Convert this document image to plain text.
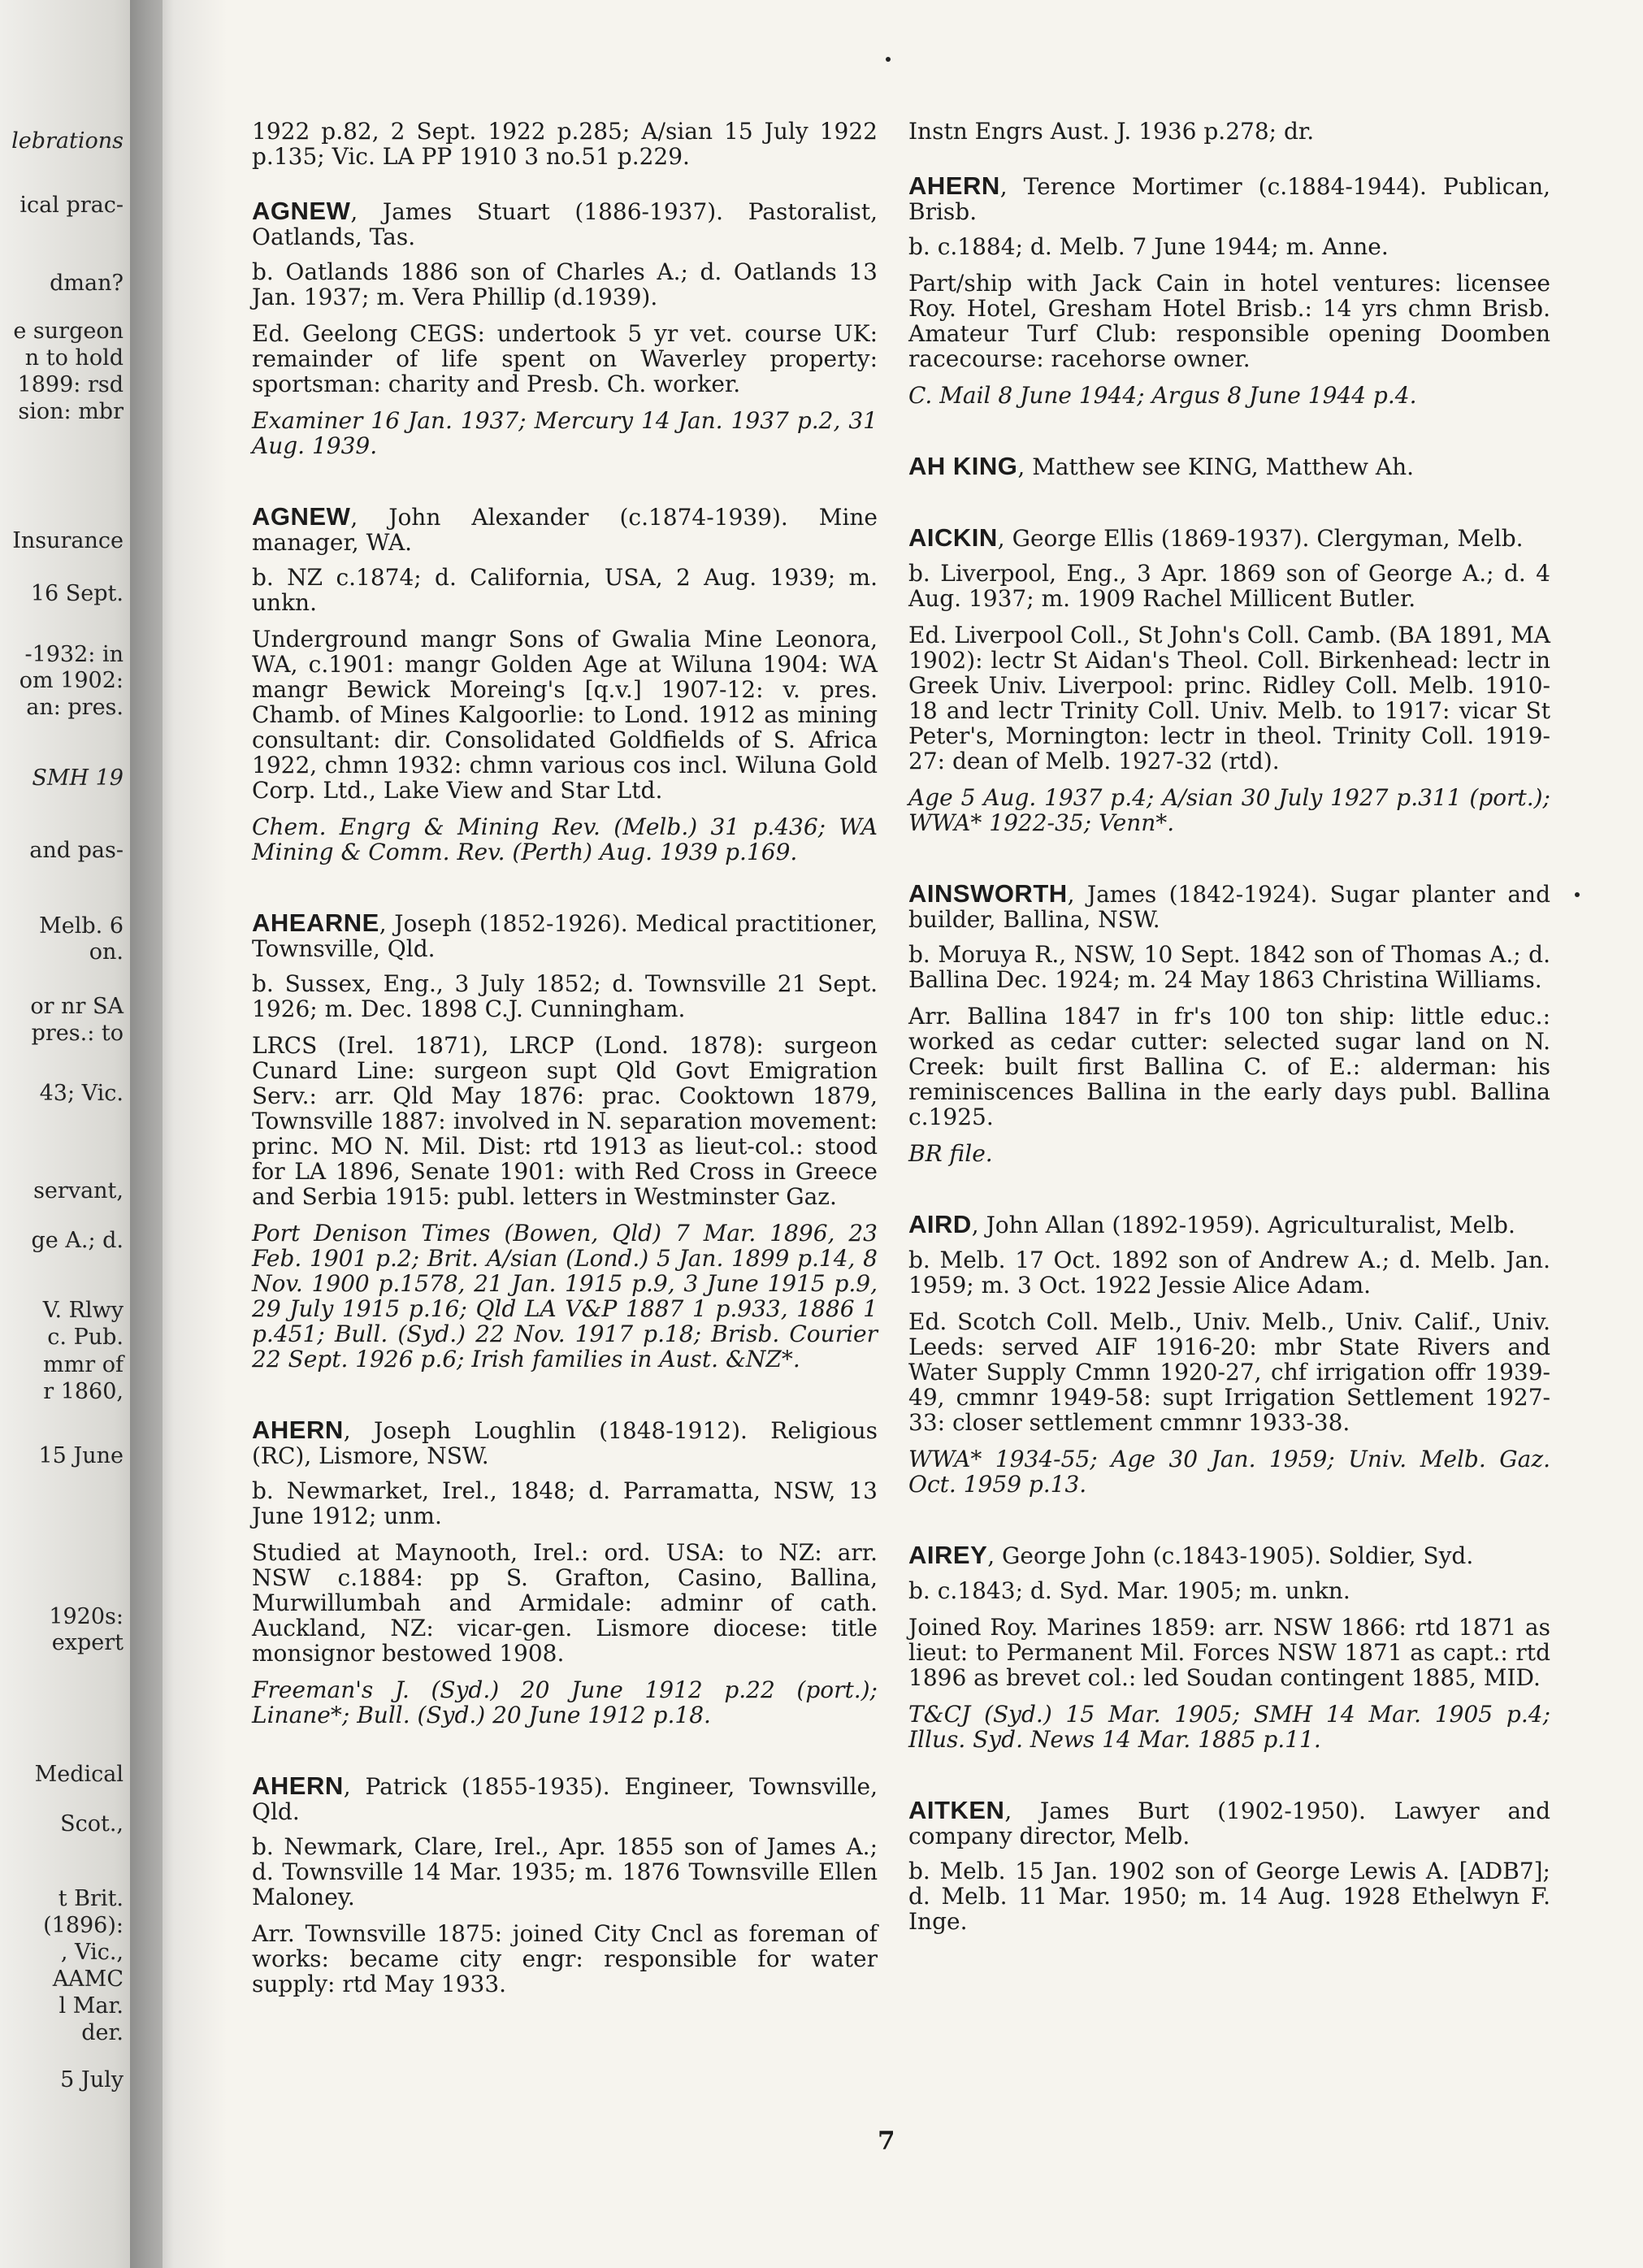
lebrations
ical prac-
dman?
e surgeon
n to hold
1899: rsd
sion: mbr
Insurance
16 Sept.
-1932: in
om 1902:
an: pres.
SMH 19
and pas-
Melb. 6
on.
or nr SA
pres.: to
43; Vic.
servant,
ge A.; d.
V. Rlwy
c. Pub.
mmr of
r 1860,
15 June
1920s:
expert
Medical
Scot.,
t Brit.
(1896):
, Vic.,
AAMC
l Mar.
der.
5 July

1922 p.82, 2 Sept. 1922 p.285; A/sian 15 July 1922 p.135; Vic. LA PP 1910 3 no.51 p.229.

AGNEW, James Stuart (1886-1937). Pastoralist, Oatlands, Tas.

b. Oatlands 1886 son of Charles A.; d. Oatlands 13 Jan. 1937; m. Vera Phillip (d.1939).

Ed. Geelong CEGS: undertook 5 yr vet. course UK: remainder of life spent on Waverley property: sportsman: charity and Presb. Ch. worker.

Examiner 16 Jan. 1937; Mercury 14 Jan. 1937 p.2, 31 Aug. 1939.

AGNEW, John Alexander (c.1874-1939). Mine manager, WA.

b. NZ c.1874; d. California, USA, 2 Aug. 1939; m. unkn.

Underground mangr Sons of Gwalia Mine Leonora, WA, c.1901: mangr Golden Age at Wiluna 1904: WA mangr Bewick Moreing's [q.v.] 1907-12: v. pres. Chamb. of Mines Kalgoorlie: to Lond. 1912 as mining consultant: dir. Consolidated Goldfields of S. Africa 1922, chmn 1932: chmn various cos incl. Wiluna Gold Corp. Ltd., Lake View and Star Ltd.

Chem. Engrg & Mining Rev. (Melb.) 31 p.436; WA Mining & Comm. Rev. (Perth) Aug. 1939 p.169.

AHEARNE, Joseph (1852-1926). Medical practitioner, Townsville, Qld.

b. Sussex, Eng., 3 July 1852; d. Townsville 21 Sept. 1926; m. Dec. 1898 C.J. Cunningham.

LRCS (Irel. 1871), LRCP (Lond. 1878): surgeon Cunard Line: surgeon supt Qld Govt Emigration Serv.: arr. Qld May 1876: prac. Cooktown 1879, Townsville 1887: involved in N. separation movement: princ. MO N. Mil. Dist: rtd 1913 as lieut-col.: stood for LA 1896, Senate 1901: with Red Cross in Greece and Serbia 1915: publ. letters in Westminster Gaz.

Port Denison Times (Bowen, Qld) 7 Mar. 1896, 23 Feb. 1901 p.2; Brit. A/sian (Lond.) 5 Jan. 1899 p.14, 8 Nov. 1900 p.1578, 21 Jan. 1915 p.9, 3 June 1915 p.9, 29 July 1915 p.16; Qld LA V&P 1887 1 p.933, 1886 1 p.451; Bull. (Syd.) 22 Nov. 1917 p.18; Brisb. Courier 22 Sept. 1926 p.6; Irish families in Aust. &NZ*.

AHERN, Joseph Loughlin (1848-1912). Religious (RC), Lismore, NSW.

b. Newmarket, Irel., 1848; d. Parramatta, NSW, 13 June 1912; unm.

Studied at Maynooth, Irel.: ord. USA: to NZ: arr. NSW c.1884: pp S. Grafton, Casino, Ballina, Murwillumbah and Armidale: adminr of cath. Auckland, NZ: vicar-gen. Lismore diocese: title monsignor bestowed 1908.

Freeman's J. (Syd.) 20 June 1912 p.22 (port.); Linane*; Bull. (Syd.) 20 June 1912 p.18.

AHERN, Patrick (1855-1935). Engineer, Townsville, Qld.

b. Newmark, Clare, Irel., Apr. 1855 son of James A.; d. Townsville 14 Mar. 1935; m. 1876 Townsville Ellen Maloney.

Arr. Townsville 1875: joined City Cncl as foreman of works: became city engr: responsible for water supply: rtd May 1933.

Instn Engrs Aust. J. 1936 p.278; dr.

AHERN, Terence Mortimer (c.1884-1944). Publican, Brisb.

b. c.1884; d. Melb. 7 June 1944; m. Anne.

Part/ship with Jack Cain in hotel ventures: licensee Roy. Hotel, Gresham Hotel Brisb.: 14 yrs chmn Brisb. Amateur Turf Club: responsible opening Doomben racecourse: racehorse owner.

C. Mail 8 June 1944; Argus 8 June 1944 p.4.

AH KING, Matthew see KING, Matthew Ah.

AICKIN, George Ellis (1869-1937). Clergyman, Melb.

b. Liverpool, Eng., 3 Apr. 1869 son of George A.; d. 4 Aug. 1937; m. 1909 Rachel Millicent Butler.

Ed. Liverpool Coll., St John's Coll. Camb. (BA 1891, MA 1902): lectr St Aidan's Theol. Coll. Birkenhead: lectr in Greek Univ. Liverpool: princ. Ridley Coll. Melb. 1910-18 and lectr Trinity Coll. Univ. Melb. to 1917: vicar St Peter's, Mornington: lectr in theol. Trinity Coll. 1919-27: dean of Melb. 1927-32 (rtd).

Age 5 Aug. 1937 p.4; A/sian 30 July 1927 p.311 (port.); WWA* 1922-35; Venn*.

AINSWORTH, James (1842-1924). Sugar planter and builder, Ballina, NSW.

b. Moruya R., NSW, 10 Sept. 1842 son of Thomas A.; d. Ballina Dec. 1924; m. 24 May 1863 Christina Williams.

Arr. Ballina 1847 in fr's 100 ton ship: little educ.: worked as cedar cutter: selected sugar land on N. Creek: built first Ballina C. of E.: alderman: his reminiscences Ballina in the early days publ. Ballina c.1925.

BR file.

AIRD, John Allan (1892-1959). Agriculturalist, Melb.

b. Melb. 17 Oct. 1892 son of Andrew A.; d. Melb. Jan. 1959; m. 3 Oct. 1922 Jessie Alice Adam.

Ed. Scotch Coll. Melb., Univ. Melb., Univ. Calif., Univ. Leeds: served AIF 1916-20: mbr State Rivers and Water Supply Cmmn 1920-27, chf irrigation offr 1939-49, cmmnr 1949-58: supt Irrigation Settlement 1927-33: closer settlement cmmnr 1933-38.

WWA* 1934-55; Age 30 Jan. 1959; Univ. Melb. Gaz. Oct. 1959 p.13.

AIREY, George John (c.1843-1905). Soldier, Syd.

b. c.1843; d. Syd. Mar. 1905; m. unkn.

Joined Roy. Marines 1859: arr. NSW 1866: rtd 1871 as lieut: to Permanent Mil. Forces NSW 1871 as capt.: rtd 1896 as brevet col.: led Soudan contingent 1885, MID.

T&CJ (Syd.) 15 Mar. 1905; SMH 14 Mar. 1905 p.4; Illus. Syd. News 14 Mar. 1885 p.11.

AITKEN, James Burt (1902-1950). Lawyer and company director, Melb.

b. Melb. 15 Jan. 1902 son of George Lewis A. [ADB7]; d. Melb. 11 Mar. 1950; m. 14 Aug. 1928 Ethelwyn F. Inge.

7
